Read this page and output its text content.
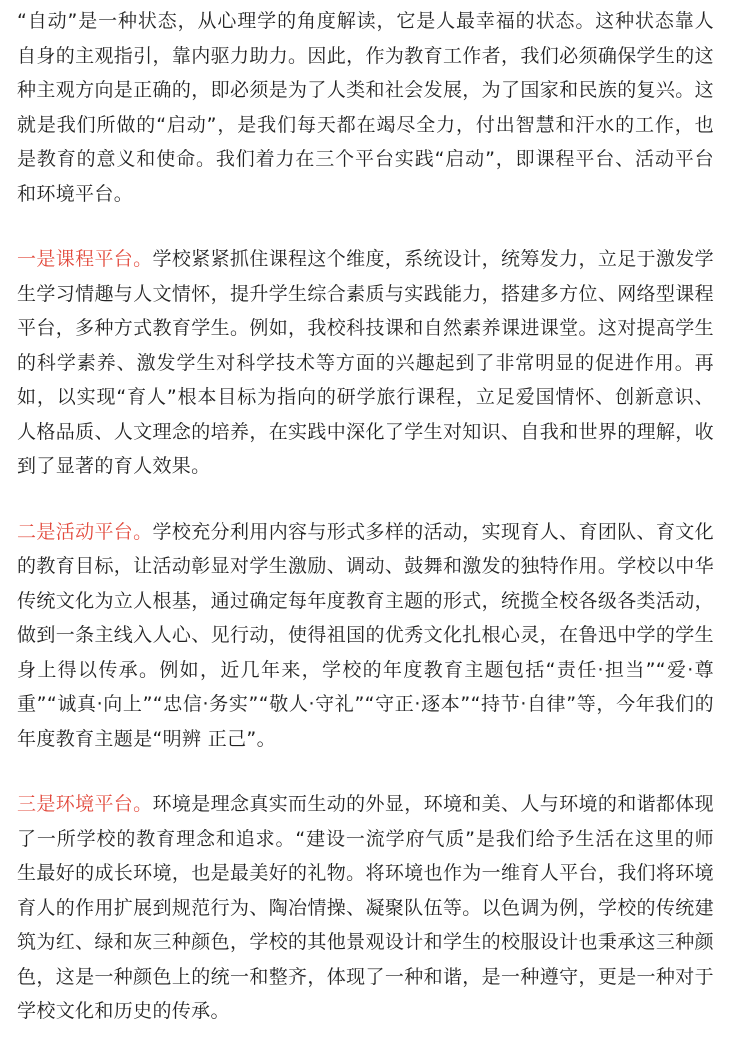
“自动”是一种状态，从心理学的角度解读，它是人最幸福的状态。这种状态靠人自身的主观指引，靠内驱力助力。因此，作为教育工作者，我们必须确保学生的这种主观方向是正确的，即必须是为了人类和社会发展，为了国家和民族的复兴。这就是我们所做的“启动”，是我们每天都在竭尽全力，付出智慧和汗水的工作，也是教育的意义和使命。我们着力在三个平台实践“启动”，即课程平台、活动平台和环境平台。

一是课程平台。学校紧紧抓住课程这个维度，系统设计，统筹发力，立足于激发学生学习情趣与人文情怀，提升学生综合素质与实践能力，搭建多方位、网络型课程平台，多种方式教育学生。例如，我校科技课和自然素养课进课堂。这对提高学生的科学素养、激发学生对科学技术等方面的兴趣起到了非常明显的促进作用。再如，以实现“育人”根本目标为指向的研学旅行课程，立足爱国情怀、创新意识、人格品质、人文理念的培养，在实践中深化了学生对知识、自我和世界的理解，收到了显著的育人效果。

二是活动平台。学校充分利用内容与形式多样的活动，实现育人、育团队、育文化的教育目标，让活动彰显对学生激励、调动、鼓舞和激发的独特作用。学校以中华传统文化为立人根基，通过确定每年度教育主题的形式，统揽全校各级各类活动，做到一条主线入人心、见行动，使得祖国的优秀文化扎根心灵，在鲁迅中学的学生身上得以传承。例如，近几年来，学校的年度教育主题包括“责任·担当”“爱·尊重”“诚真·向上”“忠信·务实”“敬人·守礼”“守正·逐本”“持节·自律”等，今年我们的年度教育主题是“明辨 正己”。

三是环境平台。环境是理念真实而生动的外显，环境和美、人与环境的和谐都体现了一所学校的教育理念和追求。“建设一流学府气质”是我们给予生活在这里的师生最好的成长环境，也是最美好的礼物。将环境也作为一维育人平台，我们将环境育人的作用扩展到规范行为、陶冶情操、凝聚队伍等。以色调为例，学校的传统建筑为红、绿和灰三种颜色，学校的其他景观设计和学生的校服设计也秉承这三种颜色，这是一种颜色上的统一和整齐，体现了一种和谐，是一种遵守，更是一种对于学校文化和历史的传承。
